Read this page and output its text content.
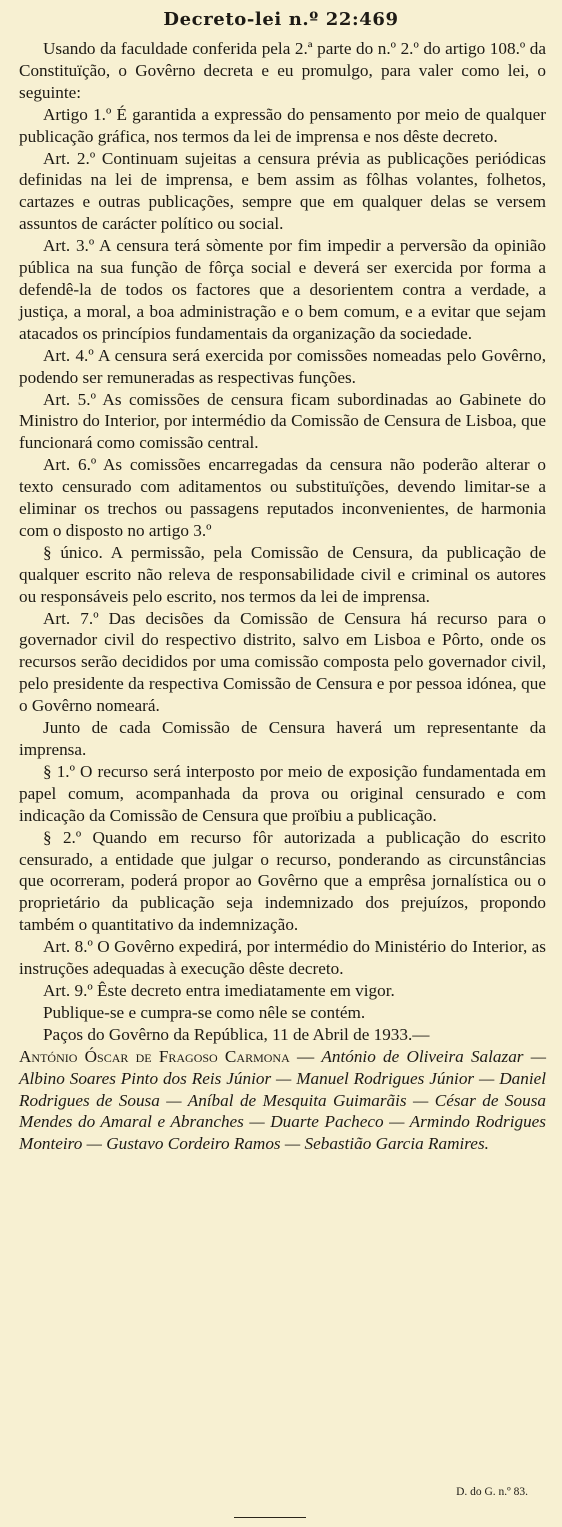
Decreto-lei n.º 22:469

Usando da faculdade conferida pela 2.ª parte do n.º 2.º do artigo 108.º da Constituïção, o Govêrno decreta e eu promulgo, para valer como lei, o seguinte:

Artigo 1.º É garantida a expressão do pensamento por meio de qualquer publicação gráfica, nos termos da lei de imprensa e nos dêste decreto.

Art. 2.º Continuam sujeitas a censura prévia as publicações periódicas definidas na lei de imprensa, e bem assim as fôlhas volantes, folhetos, cartazes e outras publicações, sempre que em qualquer delas se versem assuntos de carácter político ou social.

Art. 3.º A censura terá sòmente por fim impedir a perversão da opinião pública na sua função de fôrça social e deverá ser exercida por forma a defendê-la de todos os factores que a desorientem contra a verdade, a justiça, a moral, a boa administração e o bem comum, e a evitar que sejam atacados os princípios fundamentais da organização da sociedade.

Art. 4.º A censura será exercida por comissões nomeadas pelo Govêrno, podendo ser remuneradas as respectivas funções.

Art. 5.º As comissões de censura ficam subordinadas ao Gabinete do Ministro do Interior, por intermédio da Comissão de Censura de Lisboa, que funcionará como comissão central.

Art. 6.º As comissões encarregadas da censura não poderão alterar o texto censurado com aditamentos ou substituïções, devendo limitar-se a eliminar os trechos ou passagens reputados inconvenientes, de harmonia com o disposto no artigo 3.º

§ único. A permissão, pela Comissão de Censura, da publicação de qualquer escrito não releva de responsabilidade civil e criminal os autores ou responsáveis pelo escrito, nos termos da lei de imprensa.

Art. 7.º Das decisões da Comissão de Censura há recurso para o governador civil do respectivo distrito, salvo em Lisboa e Pôrto, onde os recursos serão decididos por uma comissão composta pelo governador civil, pelo presidente da respectiva Comissão de Censura e por pessoa idónea, que o Govêrno nomeará.

Junto de cada Comissão de Censura haverá um representante da imprensa.

§ 1.º O recurso será interposto por meio de exposição fundamentada em papel comum, acompanhada da prova ou original censurado e com indicação da Comissão de Censura que proïbiu a publicação.

§ 2.º Quando em recurso fôr autorizada a publicação do escrito censurado, a entidade que julgar o recurso, ponderando as circunstâncias que ocorreram, poderá propor ao Govêrno que a emprêsa jornalística ou o proprietário da publicação seja indemnizado dos prejuízos, propondo também o quantitativo da indemnização.

Art. 8.º O Govêrno expedirá, por intermédio do Ministério do Interior, as instruções adequadas à execução dêste decreto.

Art. 9.º Êste decreto entra imediatamente em vigor.

Publique-se e cumpra-se como nêle se contém.

Paços do Govêrno da República, 11 de Abril de 1933.—

António Óscar de Fragoso Carmona — António de Oliveira Salazar — Albino Soares Pinto dos Reis Júnior — Manuel Rodrigues Júnior — Daniel Rodrigues de Sousa — Aníbal de Mesquita Guimarãis — César de Sousa Mendes do Amaral e Abranches — Duarte Pacheco — Armindo Rodrigues Monteiro — Gustavo Cordeiro Ramos — Sebastião Garcia Ramires.

D. do G. n.º 83.
